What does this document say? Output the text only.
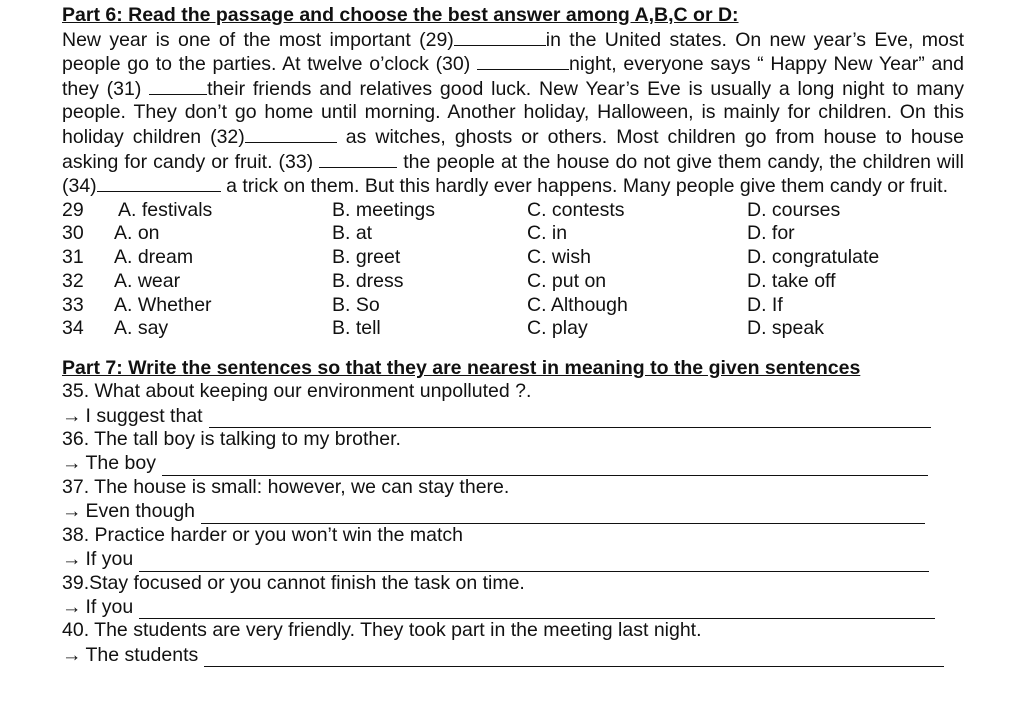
Part 6: Read the passage and choose the best answer among A,B,C or D:

New year is one of the most important (29)	in the United states. On new year’s Eve, most people go to the parties. At twelve o’clock (30)	night, everyone says “ Happy New Year” and they (31)	their friends and relatives good luck. New Year’s Eve is usually a long night to many people. They don’t go home until morning. Another holiday, Halloween, is mainly for children. On this holiday children (32)	as witches, ghosts or others. Most children go from house to house asking for candy or fruit. (33)	the people at the house do not give them candy, the children will (34)	a trick on them. But this hardly ever happens. Many people give them candy or fruit.

29	A. festivals	B. meetings	C. contests	D. courses
30	A. on	B. at	C. in	D. for
31	A. dream	B. greet	C. wish	D. congratulate
32	A. wear	B. dress	C. put on	D. take off
33	A. Whether	B. So	C. Although	D. If
34	A. say	B. tell	C. play	D. speak
Part 7: Write the sentences so that they are nearest in meaning to the given sentences
35. What about keeping our environment unpolluted ?.
→ I suggest that
36. The tall boy is talking to my brother.
→ The boy
37. The house is small: however, we can stay there.
→ Even though
38. Practice harder or you won’t win the match
→ If you
39.Stay focused or you cannot finish the task on time.
→ If you
40. The students are very friendly. They took part in the meeting last night.
→ The students
